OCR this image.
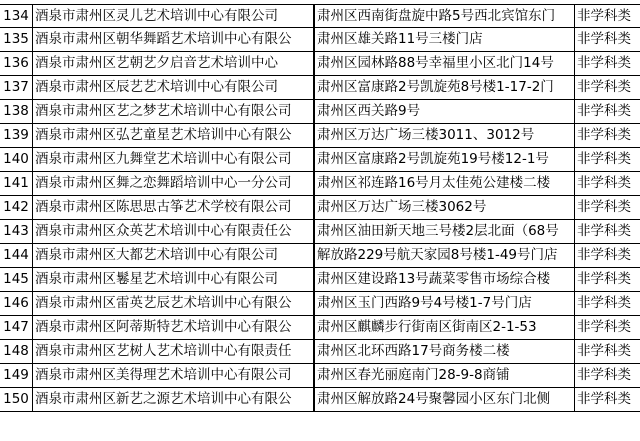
134 酒泉市肃州区灵儿艺术培训中心有限公司	肃州区西南街盘旋中路5号西北宾馆东门	非学科类
135 酒泉市肃州区朝华舞蹈艺术培训中心有限公	肃州区雄关路11号三楼门店	非学科类
136 酒泉市肃州区艺朝艺夕启音艺术培训中心	肃州区园林路88号幸福里小区北门14号	非学科类
137 酒泉市肃州区辰艺艺术培训中心有限公司	肃州区富康路2号凯旋苑8号楼1-17-2门	非学科类
138 酒泉市肃州区艺之梦艺术培训中心有限公司	肃州区西关路9号	非学科类
139 酒泉市肃州区弘艺童星艺术培训中心有限公	肃州区万达广场三楼3011、3012号	非学科类
140 酒泉市肃州区九舞堂艺术培训中心有限公司	肃州区富康路2号凯旋苑19号楼12-1号	非学科类
141 酒泉市肃州区舞之恋舞蹈培训中心一分公司	肃州区祁连路16号月太佳苑公建楼二楼	非学科类
142 酒泉市肃州区陈思思古筝艺术学校有限公司	肃州区万达广场三楼3062号	非学科类
143 酒泉市肃州区众英艺术培训中心有限责任公	肃州区油田新天地三号楼2层北面（68号	非学科类
144 酒泉市肃州区大都艺术培训中心有限公司	解放路229号航天家园8号楼1-49号门店	非学科类
145 酒泉市肃州区鬈星艺术培训中心有限公司	肃州区建设路13号蔬菜零售市场综合楼	非学科类
146 酒泉市肃州区雷英艺辰艺术培训中心有限公	肃州区玉门西路9号4号楼1-7号门店	非学科类
147 酒泉市肃州区阿蒂斯特艺术培训中心有限公	肃州区麒麟步行街南区街南区2-1-53	非学科类
148 酒泉市肃州区艺树人艺术培训中心有限责任	肃州区北环西路17号商务楼二楼	非学科类
149 酒泉市肃州区美得理艺术培训中心有限公司	肃州区春光丽庭南门28-9-8商铺	非学科类
150 酒泉市肃州区新艺之源艺术培训中心有限公	肃州区解放路24号聚馨园小区东门北侧	非学科类
